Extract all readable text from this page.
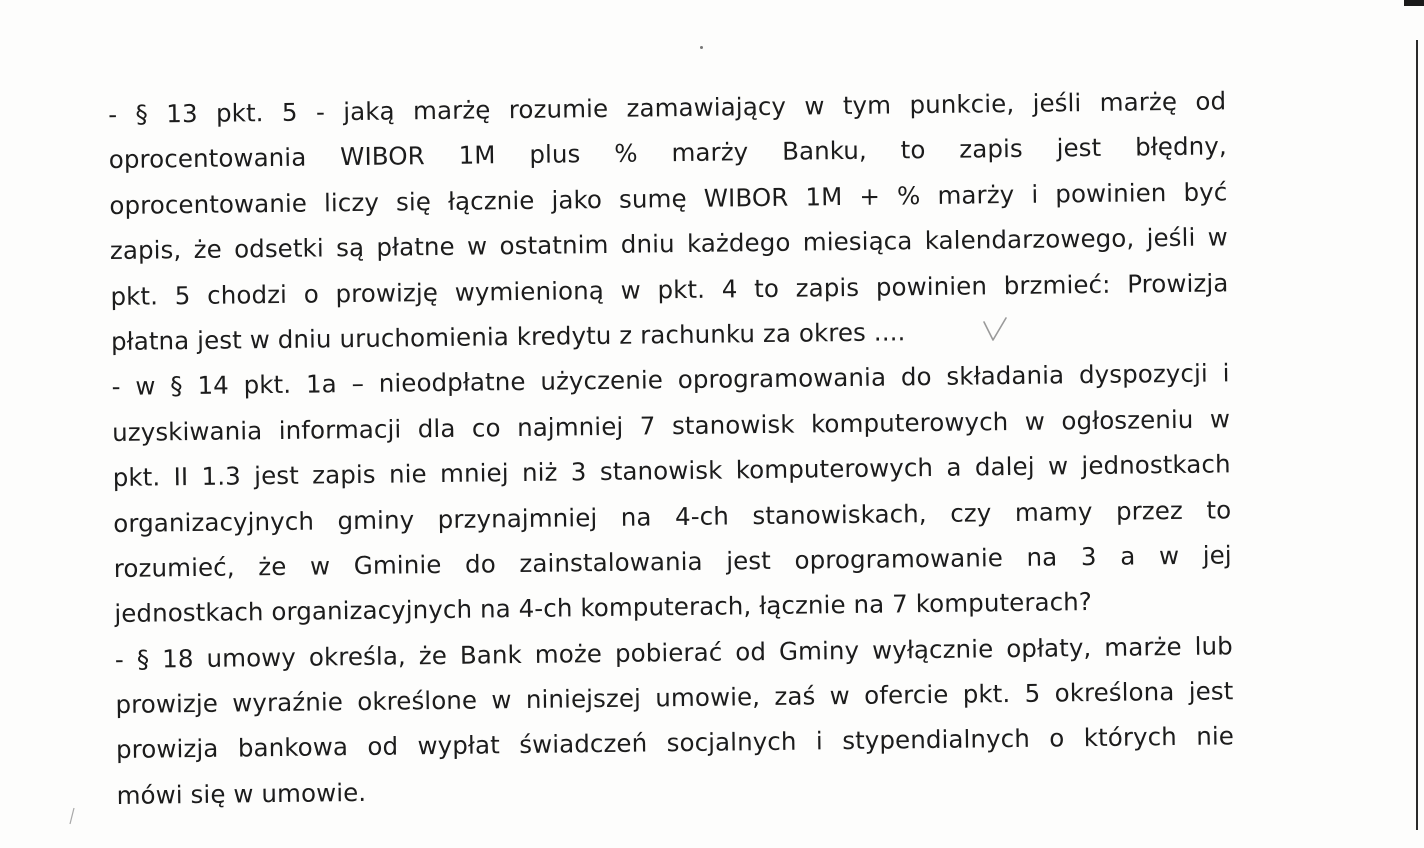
- § 13 pkt. 5 - jaką marżę rozumie zamawiający w tym punkcie, jeśli marżę od
oprocentowania WIBOR 1M plus % marży Banku, to zapis jest błędny,
oprocentowanie liczy się łącznie jako sumę WIBOR 1M + % marży i powinien być
zapis, że odsetki są płatne w ostatnim dniu każdego miesiąca kalendarzowego, jeśli w
pkt. 5 chodzi o prowizję wymienioną w pkt. 4 to zapis powinien brzmieć: Prowizja
płatna jest w dniu uruchomienia kredytu z rachunku za okres ....
- w § 14 pkt. 1a – nieodpłatne użyczenie oprogramowania do składania dyspozycji i
uzyskiwania informacji dla co najmniej 7 stanowisk komputerowych w ogłoszeniu w
pkt. II 1.3 jest zapis nie mniej niż 3 stanowisk komputerowych a dalej w jednostkach
organizacyjnych gminy przynajmniej na 4-ch stanowiskach, czy mamy przez to
rozumieć, że w Gminie do zainstalowania jest oprogramowanie na 3 a w jej
jednostkach organizacyjnych na 4-ch komputerach, łącznie na 7 komputerach?
- § 18 umowy określa, że Bank może pobierać od Gminy wyłącznie opłaty, marże lub
prowizje wyraźnie określone w niniejszej umowie, zaś w ofercie pkt. 5 określona jest
prowizja bankowa od wypłat świadczeń socjalnych i stypendialnych o których nie
mówi się w umowie.
